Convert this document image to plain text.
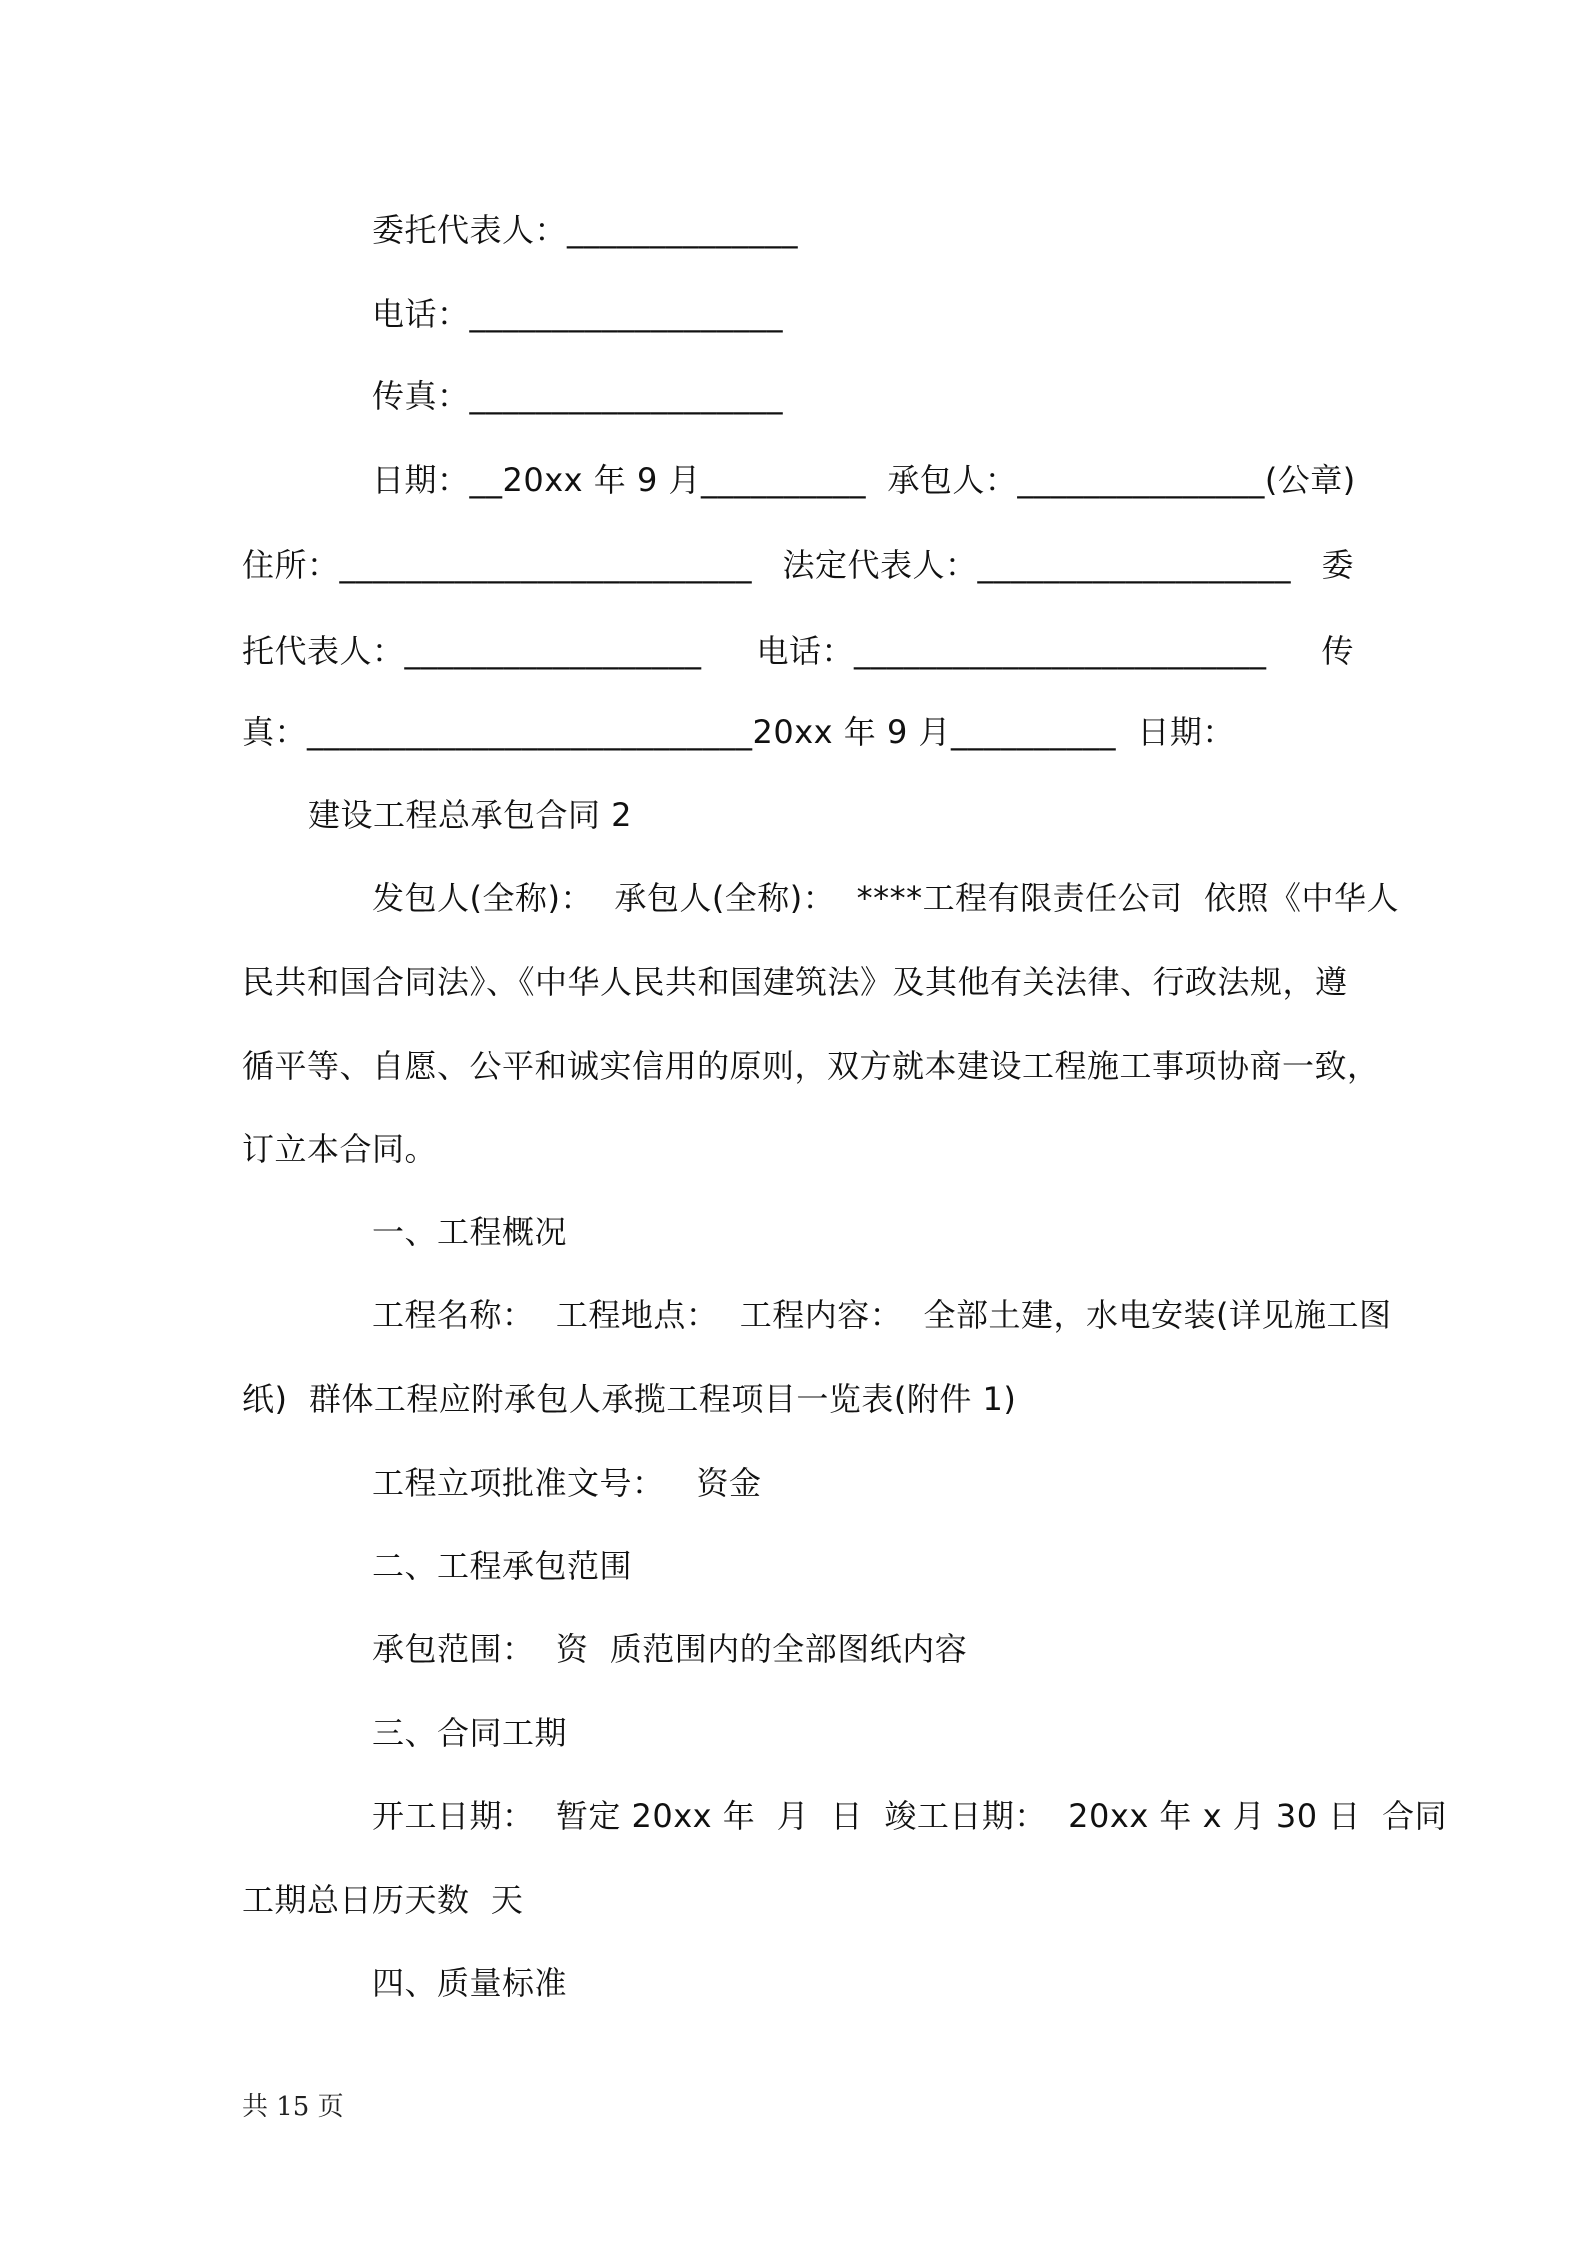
委托代表人：______________
电话：___________________
传真：___________________
日期：__20xx 年 9 月__________  承包人：_______________(公章)
住所：_________________________ 法定代表人：___________________ 委
托代表人：__________________ 电话：_________________________ 传
真：___________________________20xx 年 9 月__________  日期：
建设工程总承包合同 2
发包人(全称)：  承包人(全称)：  ****工程有限责任公司  依照《中华人
民共和国合同法》、《中华人民共和国建筑法》及其他有关法律、行政法规，遵
循平等、自愿、公平和诚实信用的原则，双方就本建设工程施工事项协商一致，
订立本合同。
一、工程概况
工程名称：  工程地点：  工程内容：  全部土建，水电安装(详见施工图
纸)  群体工程应附承包人承揽工程项目一览表(附件 1)
工程立项批准文号：   资金
二、工程承包范围
承包范围：  资  质范围内的全部图纸内容
三、合同工期
开工日期：  暂定 20xx 年  月  日  竣工日期：  20xx 年 x 月 30 日  合同
工期总日历天数  天
四、质量标准
共 15 页
